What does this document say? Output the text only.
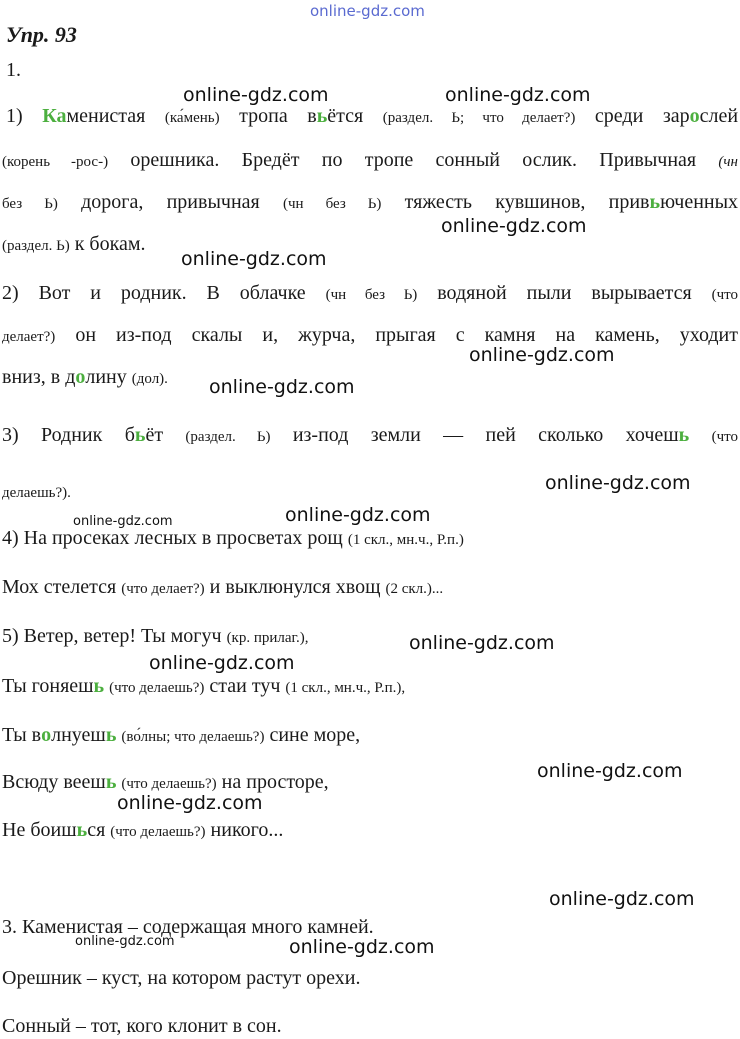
online-gdz.com
Упр. 93
1.
1) Каменистая (ка́мень) тропа вьётся (раздел. Ь; что делает?) среди зарослей
(корень -рос-) орешника. Бредёт по тропе сонный ослик. Привычная (чн
без Ь) дорога, привычная (чн без Ь) тяжесть кувшинов, привьюченных
(раздел. Ь) к бокам.
2) Вот и родник. В облачке (чн без Ь) водяной пыли вырывается (что
делает?) он из-под скалы и, журча, прыгая с камня на камень, уходит
вниз, в долину (дол).
3) Родник бьёт (раздел. Ь) из-под земли — пей сколько хочешь (что
делаешь?).
4) На просеках лесных в просветах рощ (1 скл., мн.ч., Р.п.)
Мох стелется (что делает?) и выклюнулся хвощ (2 скл.)...
5) Ветер, ветер! Ты могуч (кр. прилаг.),
Ты гоняешь (что делаешь?) стаи туч (1 скл., мн.ч., Р.п.),
Ты волнуешь (во́лны; что делаешь?) сине море,
Всюду веешь (что делаешь?) на просторе,
Не боишься (что делаешь?) никого...
3. Каменистая – содержащая много камней.
Орешник – куст, на котором растут орехи.
Сонный – тот, кого клонит в сон.
online-gdz.com	online-gdz.com
online-gdz.com
online-gdz.com
online-gdz.com
online-gdz.com
online-gdz.com
online-gdz.com	online-gdz.com
online-gdz.com
online-gdz.com
online-gdz.com
online-gdz.com
online-gdz.com
online-gdz.com	online-gdz.com
